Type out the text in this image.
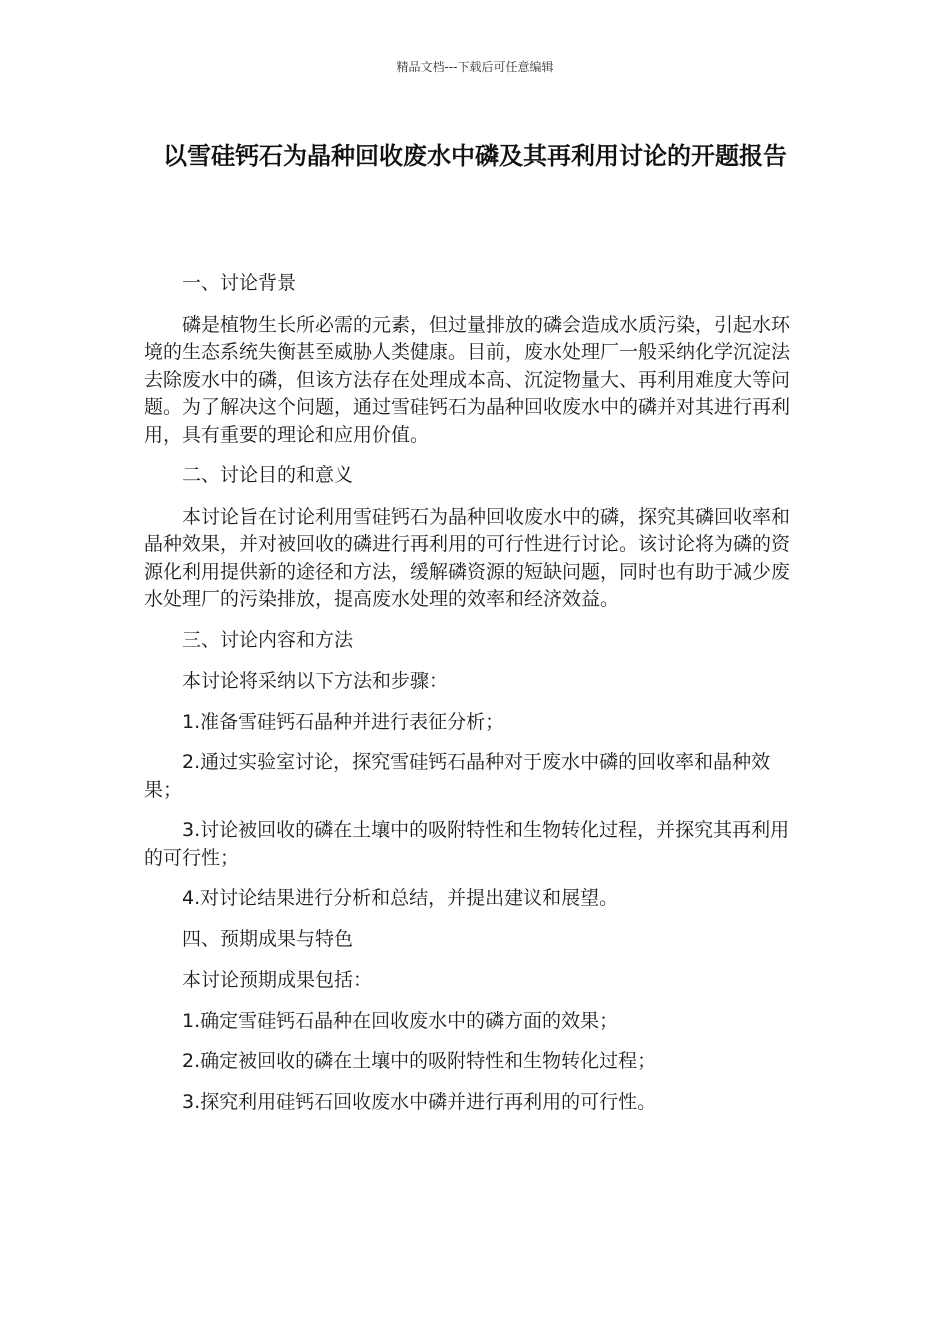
精品文档---下载后可任意编辑
以雪硅钙石为晶种回收废水中磷及其再利用讨论的开题报告

一、讨论背景

磷是植物生长所必需的元素，但过量排放的磷会造成水质污染，引起水环境的生态系统失衡甚至威胁人类健康。目前，废水处理厂一般采纳化学沉淀法去除废水中的磷，但该方法存在处理成本高、沉淀物量大、再利用难度大等问题。为了解决这个问题，通过雪硅钙石为晶种回收废水中的磷并对其进行再利用，具有重要的理论和应用价值。

二、讨论目的和意义

本讨论旨在讨论利用雪硅钙石为晶种回收废水中的磷，探究其磷回收率和晶种效果，并对被回收的磷进行再利用的可行性进行讨论。该讨论将为磷的资源化利用提供新的途径和方法，缓解磷资源的短缺问题，同时也有助于减少废水处理厂的污染排放，提高废水处理的效率和经济效益。

三、讨论内容和方法

本讨论将采纳以下方法和步骤：

1.准备雪硅钙石晶种并进行表征分析；

2.通过实验室讨论，探究雪硅钙石晶种对于废水中磷的回收率和晶种效果；

3.讨论被回收的磷在土壤中的吸附特性和生物转化过程，并探究其再利用的可行性；

4.对讨论结果进行分析和总结，并提出建议和展望。

四、预期成果与特色

本讨论预期成果包括：

1.确定雪硅钙石晶种在回收废水中的磷方面的效果；

2.确定被回收的磷在土壤中的吸附特性和生物转化过程；

3.探究利用硅钙石回收废水中磷并进行再利用的可行性。
